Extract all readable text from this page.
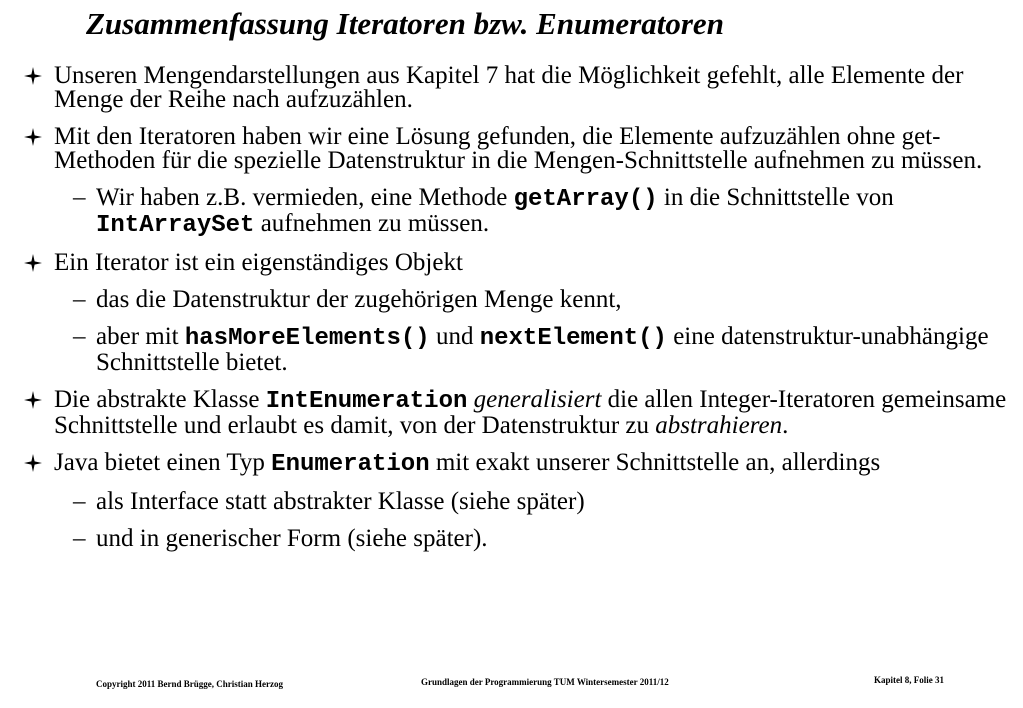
Zusammenfassung Iteratoren bzw. Enumeratoren
Unseren Mengendarstellungen aus Kapitel 7 hat die Möglichkeit gefehlt, alle Elemente der Menge der Reihe nach aufzuzählen.
Mit den Iteratoren haben wir eine Lösung gefunden, die Elemente aufzuzählen ohne get-Methoden für die spezielle Datenstruktur in die Mengen-Schnittstelle aufnehmen zu müssen.
– Wir haben z.B. vermieden, eine Methode getArray() in die Schnittstelle von IntArraySet aufnehmen zu müssen.
Ein Iterator ist ein eigenständiges Objekt
– das die Datenstruktur der zugehörigen Menge kennt,
– aber mit hasMoreElements() und nextElement() eine datenstruktur-unabhängige Schnittstelle bietet.
Die abstrakte Klasse IntEnumeration generalisiert die allen Integer-Iteratoren gemeinsame Schnittstelle und erlaubt es damit, von der Datenstruktur zu abstrahieren.
Java bietet einen Typ Enumeration mit exakt unserer Schnittstelle an, allerdings
– als Interface statt abstrakter Klasse (siehe später)
– und in generischer Form (siehe später).
Copyright 2011 Bernd Brügge, Christian Herzog	Grundlagen der Programmierung TUM Wintersemester 2011/12	Kapitel 8, Folie 31
